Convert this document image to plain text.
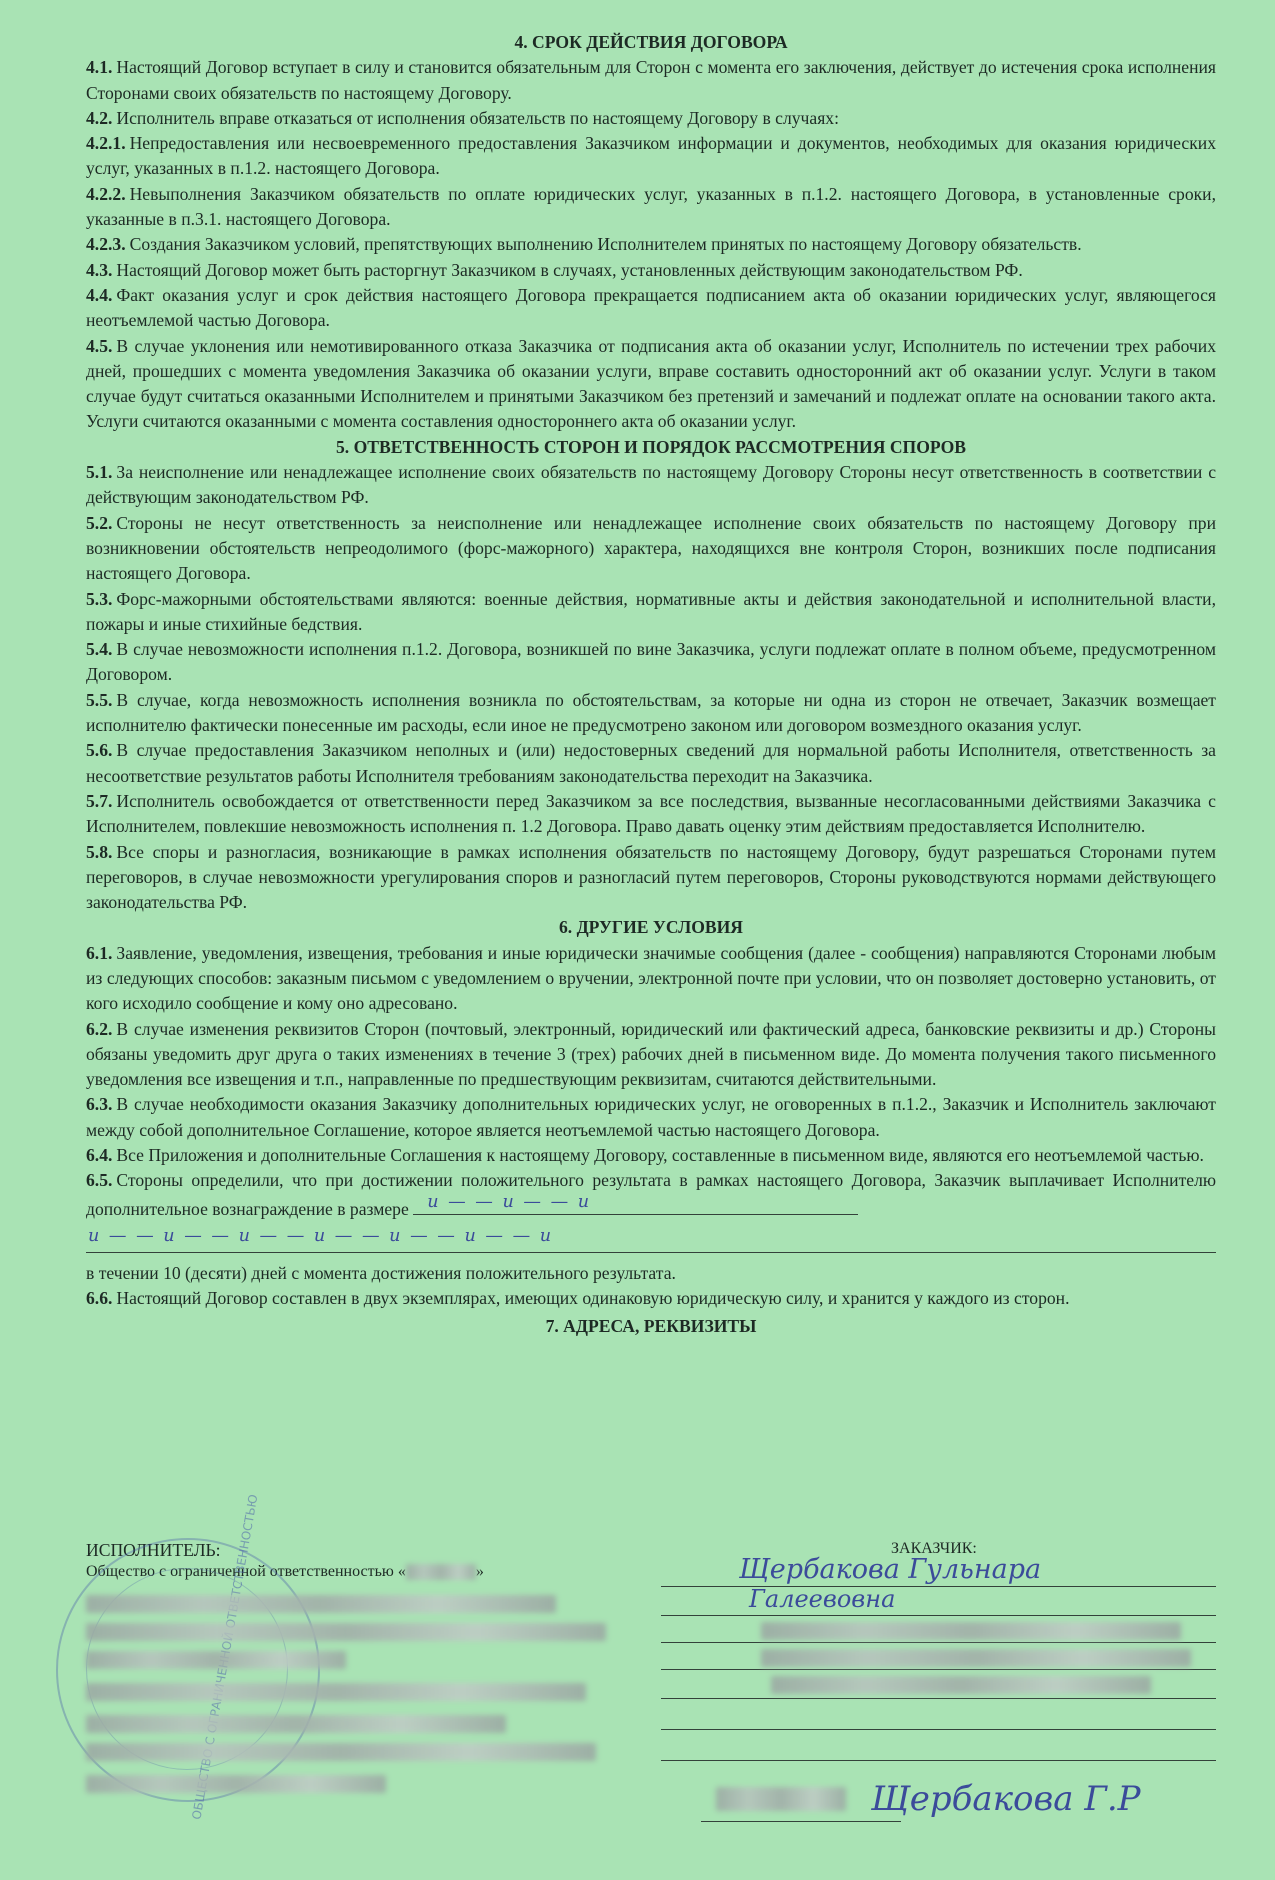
4. СРОК ДЕЙСТВИЯ ДОГОВОРА

4.1. Настоящий Договор вступает в силу и становится обязательным для Сторон с момента его заключения, действует до истечения срока исполнения Сторонами своих обязательств по настоящему Договору.

4.2. Исполнитель вправе отказаться от исполнения обязательств по настоящему Договору в случаях:

4.2.1. Непредоставления или несвоевременного предоставления Заказчиком информации и документов, необходимых для оказания юридических услуг, указанных в п.1.2. настоящего Договора.

4.2.2. Невыполнения Заказчиком обязательств по оплате юридических услуг, указанных в п.1.2. настоящего Договора, в установленные сроки, указанные в п.3.1. настоящего Договора.

4.2.3. Создания Заказчиком условий, препятствующих выполнению Исполнителем принятых по настоящему Договору обязательств.

4.3. Настоящий Договор может быть расторгнут Заказчиком в случаях, установленных действующим законодательством РФ.

4.4. Факт оказания услуг и срок действия настоящего Договора прекращается подписанием акта об оказании юридических услуг, являющегося неотъемлемой частью Договора.

4.5. В случае уклонения или немотивированного отказа Заказчика от подписания акта об оказании услуг, Исполнитель по истечении трех рабочих дней, прошедших с момента уведомления Заказчика об оказании услуги, вправе составить односторонний акт об оказании услуг. Услуги в таком случае будут считаться оказанными Исполнителем и принятыми Заказчиком без претензий и замечаний и подлежат оплате на основании такого акта. Услуги считаются оказанными с момента составления одностороннего акта об оказании услуг.

5. ОТВЕТСТВЕННОСТЬ СТОРОН И ПОРЯДОК РАССМОТРЕНИЯ СПОРОВ

5.1. За неисполнение или ненадлежащее исполнение своих обязательств по настоящему Договору Стороны несут ответственность в соответствии с действующим законодательством РФ.

5.2. Стороны не несут ответственность за неисполнение или ненадлежащее исполнение своих обязательств по настоящему Договору при возникновении обстоятельств непреодолимого (форс-мажорного) характера, находящихся вне контроля Сторон, возникших после подписания настоящего Договора.

5.3. Форс-мажорными обстоятельствами являются: военные действия, нормативные акты и действия законодательной и исполнительной власти, пожары и иные стихийные бедствия.

5.4. В случае невозможности исполнения п.1.2. Договора, возникшей по вине Заказчика, услуги подлежат оплате в полном объеме, предусмотренном Договором.

5.5. В случае, когда невозможность исполнения возникла по обстоятельствам, за которые ни одна из сторон не отвечает, Заказчик возмещает исполнителю фактически понесенные им расходы, если иное не предусмотрено законом или договором возмездного оказания услуг.

5.6. В случае предоставления Заказчиком неполных и (или) недостоверных сведений для нормальной работы Исполнителя, ответственность за несоответствие результатов работы Исполнителя требованиям законодательства переходит на Заказчика.

5.7. Исполнитель освобождается от ответственности перед Заказчиком за все последствия, вызванные несогласованными действиями Заказчика с Исполнителем, повлекшие невозможность исполнения п. 1.2 Договора. Право давать оценку этим действиям предоставляется Исполнителю.

5.8. Все споры и разногласия, возникающие в рамках исполнения обязательств по настоящему Договору, будут разрешаться Сторонами путем переговоров, в случае невозможности урегулирования споров и разногласий путем переговоров, Стороны руководствуются нормами действующего законодательства РФ.

6. ДРУГИЕ УСЛОВИЯ

6.1. Заявление, уведомления, извещения, требования и иные юридически значимые сообщения (далее - сообщения) направляются Сторонами любым из следующих способов: заказным письмом с уведомлением о вручении, электронной почте при условии, что он позволяет достоверно установить, от кого исходило сообщение и кому оно адресовано.

6.2. В случае изменения реквизитов Сторон (почтовый, электронный, юридический или фактический адреса, банковские реквизиты и др.) Стороны обязаны уведомить друг друга о таких изменениях в течение 3 (трех) рабочих дней в письменном виде. До момента получения такого письменного уведомления все извещения и т.п., направленные по предшествующим реквизитам, считаются действительными.

6.3. В случае необходимости оказания Заказчику дополнительных юридических услуг, не оговоренных в п.1.2., Заказчик и Исполнитель заключают между собой дополнительное Соглашение, которое является неотъемлемой частью настоящего Договора.

6.4. Все Приложения и дополнительные Соглашения к настоящему Договору, составленные в письменном виде, являются его неотъемлемой частью.

6.5. Стороны определили, что при достижении положительного результата в рамках настоящего Договора, Заказчик выплачивает Исполнителю дополнительное вознаграждение в размере и — — и — — и

и — — и — — и — — и — — и — — и — — и

в течении 10 (десяти) дней с момента достижения положительного результата.

6.6. Настоящий Договор составлен в двух экземплярах, имеющих одинаковую юридическую силу, и хранится у каждого из сторон.

7. АДРЕСА, РЕКВИЗИТЫ
ИСПОЛНИТЕЛЬ:
Общество с ограниченной ответственностью «	»
ЗАКАЗЧИК:
Щербакова Гульнара
Галеевовна
Щербакова Г.Р
